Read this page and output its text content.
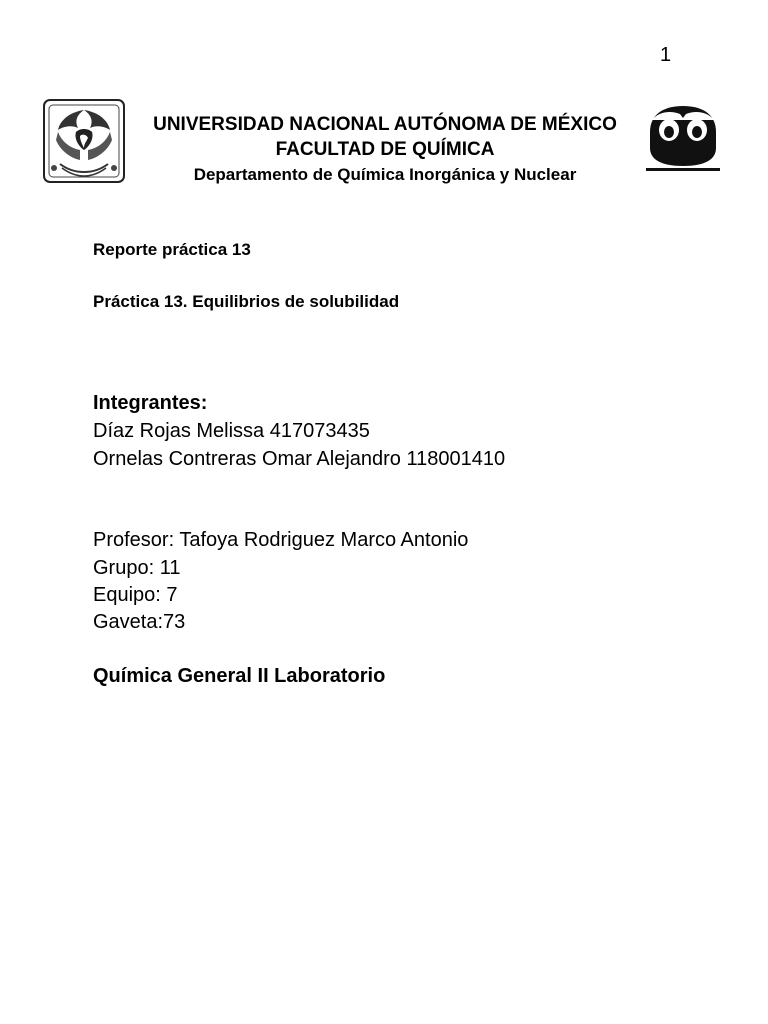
1
UNIVERSIDAD NACIONAL AUTÓNOMA DE MÉXICO
FACULTAD DE QUÍMICA
Departamento de Química Inorgánica y Nuclear
Reporte práctica 13
Práctica 13. Equilibrios de solubilidad
Integrantes:
Díaz Rojas Melissa 417073435
Ornelas Contreras Omar Alejandro 118001410
Profesor: Tafoya Rodriguez Marco Antonio
Grupo: 11
Equipo: 7
Gaveta:73
Química General II Laboratorio
